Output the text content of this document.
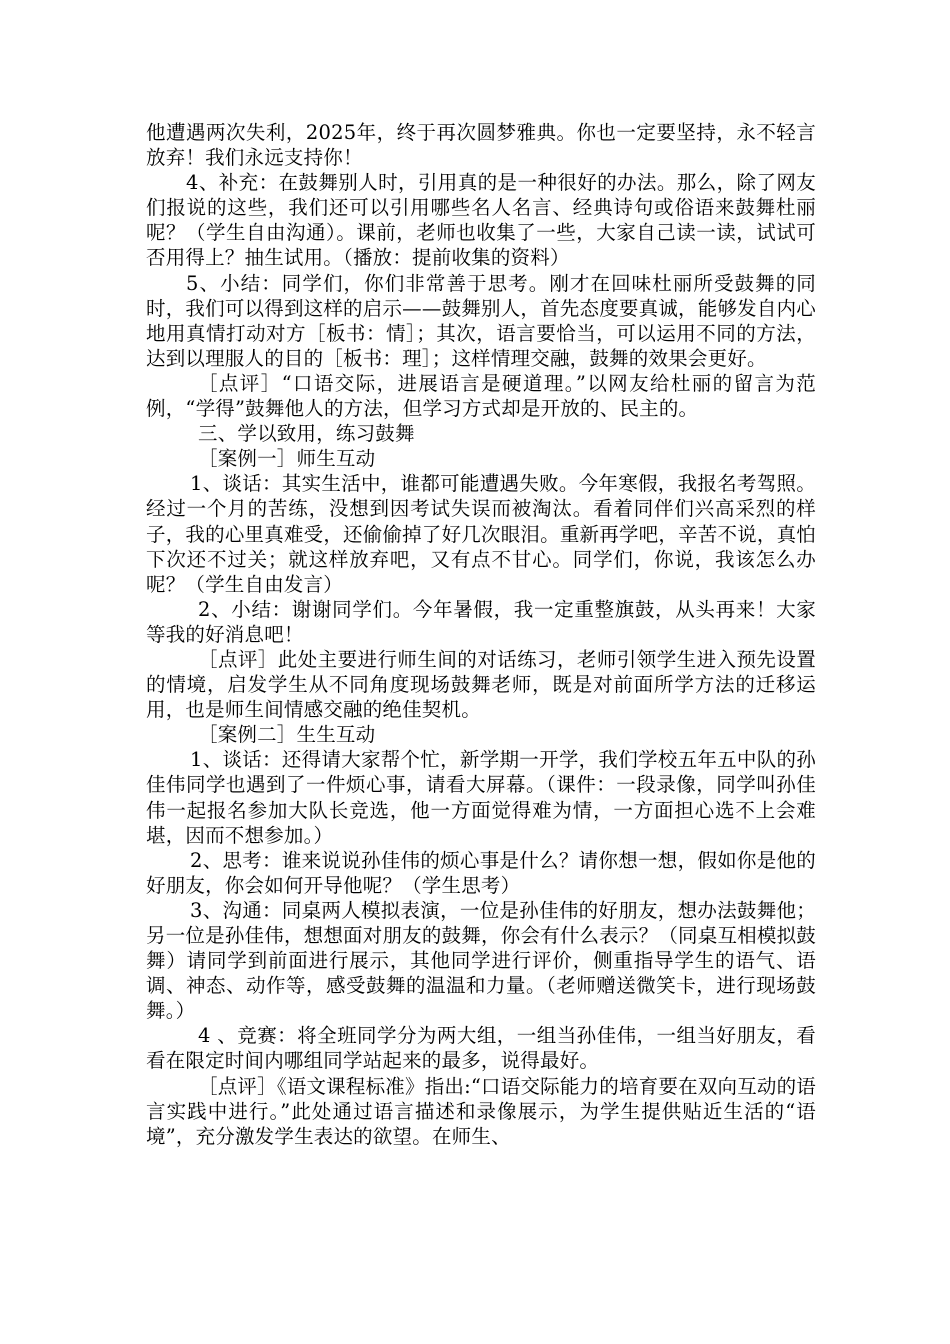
他遭遇两次失利，2025年，终于再次圆梦雅典。你也一定要坚持，永不轻言放弃！我们永远支持你！

4、补充：在鼓舞别人时，引用真的是一种很好的办法。那么，除了网友们报说的这些，我们还可以引用哪些名人名言、经典诗句或俗语来鼓舞杜丽呢？（学生自由沟通）。课前，老师也收集了一些，大家自己读一读，试试可否用得上？抽生试用。（播放：提前收集的资料）

5、小结：同学们，你们非常善于思考。刚才在回味杜丽所受鼓舞的同时，我们可以得到这样的启示——鼓舞别人，首先态度要真诚，能够发自内心地用真情打动对方［板书：情］；其次，语言要恰当，可以运用不同的方法，达到以理服人的目的［板书：理］；这样情理交融，鼓舞的效果会更好。

［点评］“口语交际，进展语言是硬道理。”以网友给杜丽的留言为范例，“学得”鼓舞他人的方法，但学习方式却是开放的、民主的。

三、学以致用，练习鼓舞

［案例一］师生互动

1、谈话：其实生活中，谁都可能遭遇失败。今年寒假，我报名考驾照。经过一个月的苦练，没想到因考试失误而被淘汰。看着同伴们兴高采烈的样子，我的心里真难受，还偷偷掉了好几次眼泪。重新再学吧，辛苦不说，真怕下次还不过关；就这样放弃吧，又有点不甘心。同学们，你说，我该怎么办呢？（学生自由发言）

2、小结：谢谢同学们。今年暑假，我一定重整旗鼓，从头再来！大家等我的好消息吧！

［点评］此处主要进行师生间的对话练习，老师引领学生进入预先设置的情境，启发学生从不同角度现场鼓舞老师，既是对前面所学方法的迁移运用，也是师生间情感交融的绝佳契机。

［案例二］生生互动

1、谈话：还得请大家帮个忙，新学期一开学，我们学校五年五中队的孙佳伟同学也遇到了一件烦心事，请看大屏幕。（课件：一段录像，同学叫孙佳伟一起报名参加大队长竞选，他一方面觉得难为情，一方面担心选不上会难堪，因而不想参加。）

2、思考：谁来说说孙佳伟的烦心事是什么？请你想一想，假如你是他的好朋友，你会如何开导他呢？（学生思考）

3、沟通：同桌两人模拟表演，一位是孙佳伟的好朋友，想办法鼓舞他；另一位是孙佳伟，想想面对朋友的鼓舞，你会有什么表示？（同桌互相模拟鼓舞）请同学到前面进行展示，其他同学进行评价，侧重指导学生的语气、语调、神态、动作等，感受鼓舞的温温和力量。（老师赠送微笑卡，进行现场鼓舞。）

4 、竞赛：将全班同学分为两大组，一组当孙佳伟，一组当好朋友，看看在限定时间内哪组同学站起来的最多，说得最好。

［点评］《语文课程标准》指出:“口语交际能力的培育要在双向互动的语言实践中进行。”此处通过语言描述和录像展示，为学生提供贴近生活的“语境”，充分激发学生表达的欲望。在师生、
